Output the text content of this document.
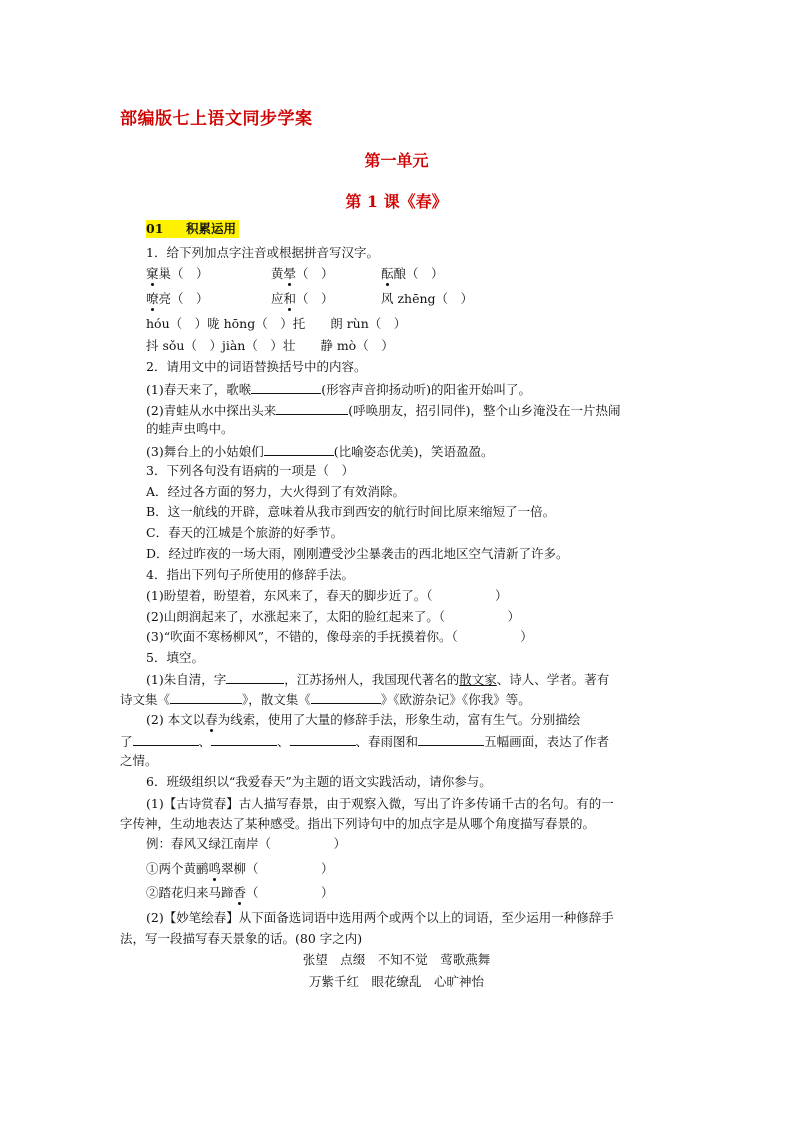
部编版七上语文同步学案
第一单元
第 1 课《春》
01 积累运用
1．给下列加点字注音或根据拼音写汉字。
窠巢（　）	黄晕（　）	酝酿（　）
嘹亮（　）	应和（　）	风 zhēng（　）
hóu（　）咙 hōng（　）托　　朗 rùn（　）
抖 sǒu（　）jiàn（　）壮　　静 mò（　）
2．请用文中的词语替换括号中的内容。
(1)春天来了，歌喉	(形容声音抑扬动听)的阳雀开始叫了。
(2)青蛙从水中探出头来	(呼唤朋友，招引同伴)，整个山乡淹没在一片热闹
的蛙声虫鸣中。
(3)舞台上的小姑娘们	(比喻姿态优美)，笑语盈盈。
3．下列各句没有语病的一项是（　）
A．经过各方面的努力，大火得到了有效消除。
B．这一航线的开辟，意味着从我市到西安的航行时间比原来缩短了一倍。
C．春天的江城是个旅游的好季节。
D．经过昨夜的一场大雨，刚刚遭受沙尘暴袭击的西北地区空气清新了许多。
4．指出下列句子所使用的修辞手法。
(1)盼望着，盼望着，东风来了，春天的脚步近了。（　　　　　）
(2)山朗润起来了，水涨起来了，太阳的脸红起来了。（　　　　　）
(3)“吹面不寒杨柳风”，不错的，像母亲的手抚摸着你。（　　　　　）
5．填空。
(1)朱自清，字	，江苏扬州人，我国现代著名的散文家、诗人、学者。著有
诗文集《	》，散文集《	》《欧游杂记》《你我》等。
(2) 本文以春为线索，使用了大量的修辞手法，形象生动，富有生气。分别描绘
了	、	、	、春雨图和	五幅画面，表达了作者
之情。
6．班级组织以“我爱春天”为主题的语文实践活动，请你参与。
(1)【古诗赏春】古人描写春景，由于观察入微，写出了许多传诵千古的名句。有的一
字传神，生动地表达了某种感受。指出下列诗句中的加点字是从哪个角度描写春景的。
例：春风又绿江南岸（　　　　　）
①两个黄鹂鸣翠柳（　　　　　）
②踏花归来马蹄香（　　　　　）
(2)【妙笔绘春】从下面备选词语中选用两个或两个以上的词语，至少运用一种修辞手
法，写一段描写春天景象的话。(80 字之内)
张望　点缀　不知不觉　莺歌燕舞
万紫千红　眼花缭乱　心旷神怡
